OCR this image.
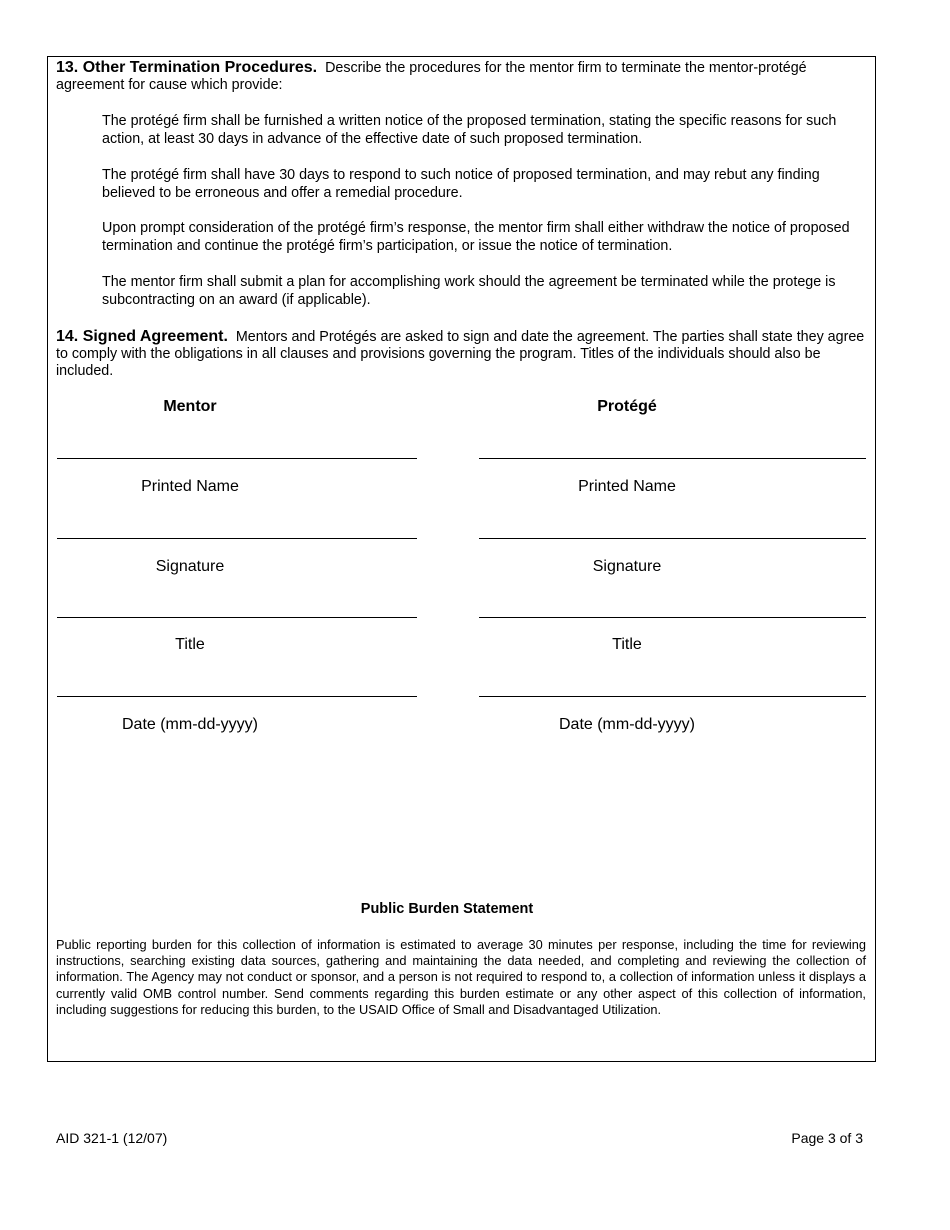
13. Other Termination Procedures. Describe the procedures for the mentor firm to terminate the mentor-protégé agreement for cause which provide:
The protégé firm shall be furnished a written notice of the proposed termination, stating the specific reasons for such action, at least 30 days in advance of the effective date of such proposed termination.
The protégé firm shall have 30 days to respond to such notice of proposed termination, and may rebut any finding believed to be erroneous and offer a remedial procedure.
Upon prompt consideration of the protégé firm’s response, the mentor firm shall either withdraw the notice of proposed termination and continue the protégé firm’s participation, or issue the notice of termination.
The mentor firm shall submit a plan for accomplishing work should the agreement be terminated while the protege is subcontracting on an award (if applicable).
14. Signed Agreement. Mentors and Protégés are asked to sign and date the agreement. The parties shall state they agree to comply with the obligations in all clauses and provisions governing the program. Titles of the individuals should also be included.
Mentor	Protégé
Printed Name
Signature
Title
Date (mm-dd-yyyy)
Printed Name
Signature
Title
Date (mm-dd-yyyy)
Public Burden Statement
Public reporting burden for this collection of information is estimated to average 30 minutes per response, including the time for reviewing instructions, searching existing data sources, gathering and maintaining the data needed, and completing and reviewing the collection of information. The Agency may not conduct or sponsor, and a person is not required to respond to, a collection of information unless it displays a currently valid OMB control number. Send comments regarding this burden estimate or any other aspect of this collection of information, including suggestions for reducing this burden, to the USAID Office of Small and Disadvantaged Utilization.
AID 321-1 (12/07)	Page 3 of 3
